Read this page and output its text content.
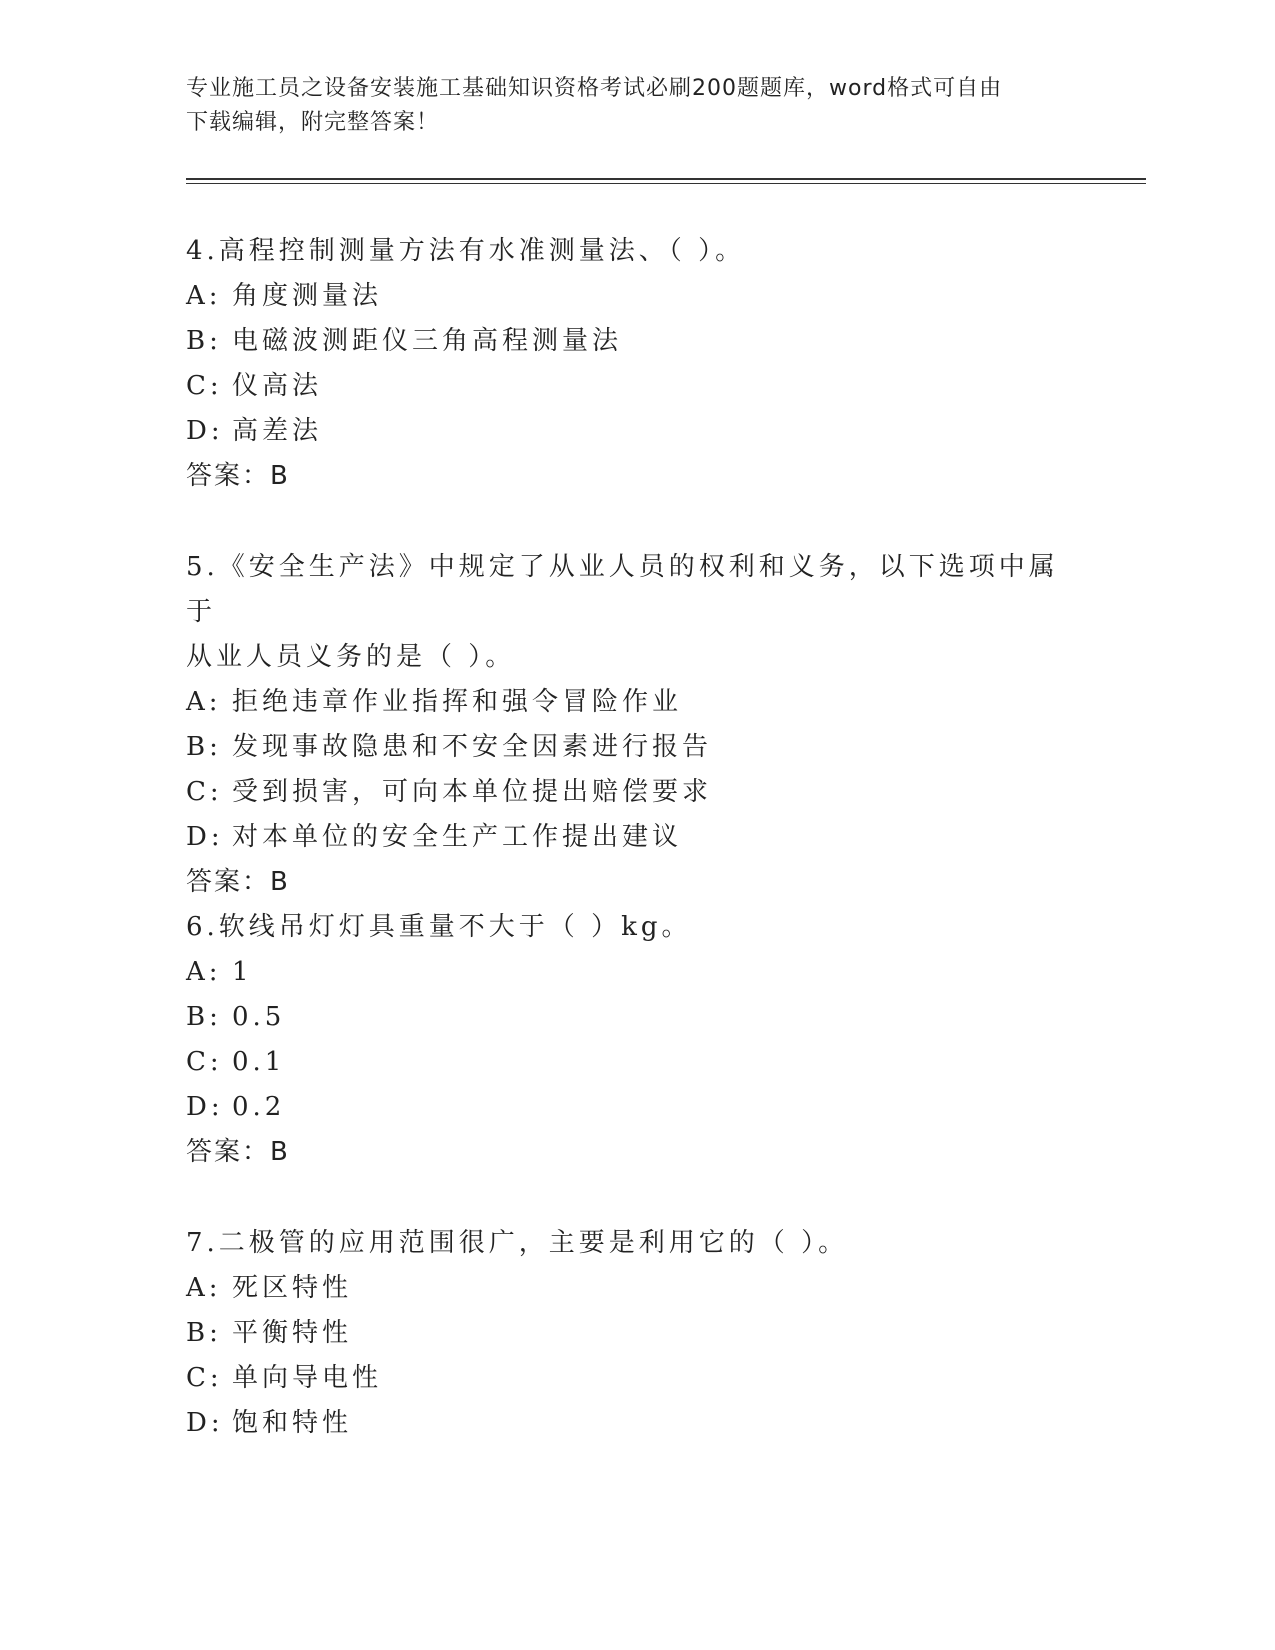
专业施工员之设备安装施工基础知识资格考试必刷200题题库，word格式可自由
下载编辑，附完整答案！
4.高程控制测量方法有水准测量法、（ ）。
A: 角度测量法
B: 电磁波测距仪三角高程测量法
C: 仪高法
D: 高差法
答案：B
5.《安全生产法》中规定了从业人员的权利和义务，以下选项中属于
从业人员义务的是（ ）。
A: 拒绝违章作业指挥和强令冒险作业
B: 发现事故隐患和不安全因素进行报告
C: 受到损害，可向本单位提出赔偿要求
D: 对本单位的安全生产工作提出建议
答案：B
6.软线吊灯灯具重量不大于（ ）kg。
A: 1
B: 0.5
C: 0.1
D: 0.2
答案：B
7.二极管的应用范围很广，主要是利用它的（ ）。
A: 死区特性
B: 平衡特性
C: 单向导电性
D: 饱和特性
